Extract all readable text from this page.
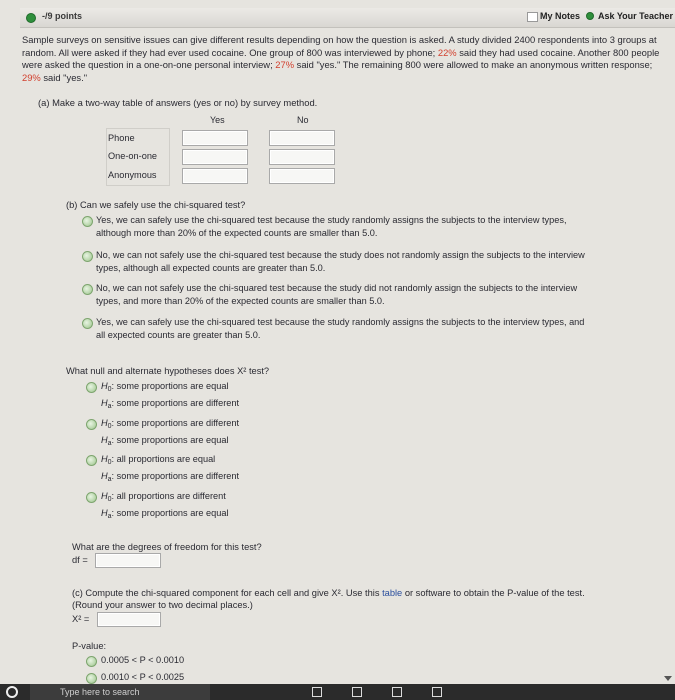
-/9 points	My Notes	Ask Your Teacher

Sample surveys on sensitive issues can give different results depending on how the question is asked. A study divided 2400 respondents into 3 groups at random. All were asked if they had ever used cocaine. One group of 800 was interviewed by phone; 22% said they had used cocaine. Another 800 people were asked the question in a one-on-one personal interview; 27% said "yes." The remaining 800 were allowed to make an anonymous written response; 29% said "yes."

(a) Make a two-way table of answers (yes or no) by survey method.
Yes	No
Phone
One-on-one
Anonymous
(b) Can we safely use the chi-squared test?
Yes, we can safely use the chi-squared test because the study randomly assigns the subjects to the interview types,
although more than 20% of the expected counts are smaller than 5.0.
No, we can not safely use the chi-squared test because the study does not randomly assign the subjects to the interview
types, although all expected counts are greater than 5.0.
No, we can not safely use the chi-squared test because the study did not randomly assign the subjects to the interview
types, and more than 20% of the expected counts are smaller than 5.0.
Yes, we can safely use the chi-squared test because the study randomly assigns the subjects to the interview types, and
all expected counts are greater than 5.0.
What null and alternate hypotheses does X² test?
$H_0$: some proportions are equal
$H_a$: some proportions are different
$H_0$: some proportions are different
$H_a$: some proportions are equal
$H_0$: all proportions are equal
$H_a$: some proportions are different
$H_0$: all proportions are different
$H_a$: some proportions are equal
What are the degrees of freedom for this test?
df =
(c) Compute the chi-squared component for each cell and give X². Use this table or software to obtain the P-value of the test.
(Round your answer to two decimal places.)
X² =
P-value:
0.0005 < P < 0.0010
0.0010 < P < 0.0025
Type here to search
